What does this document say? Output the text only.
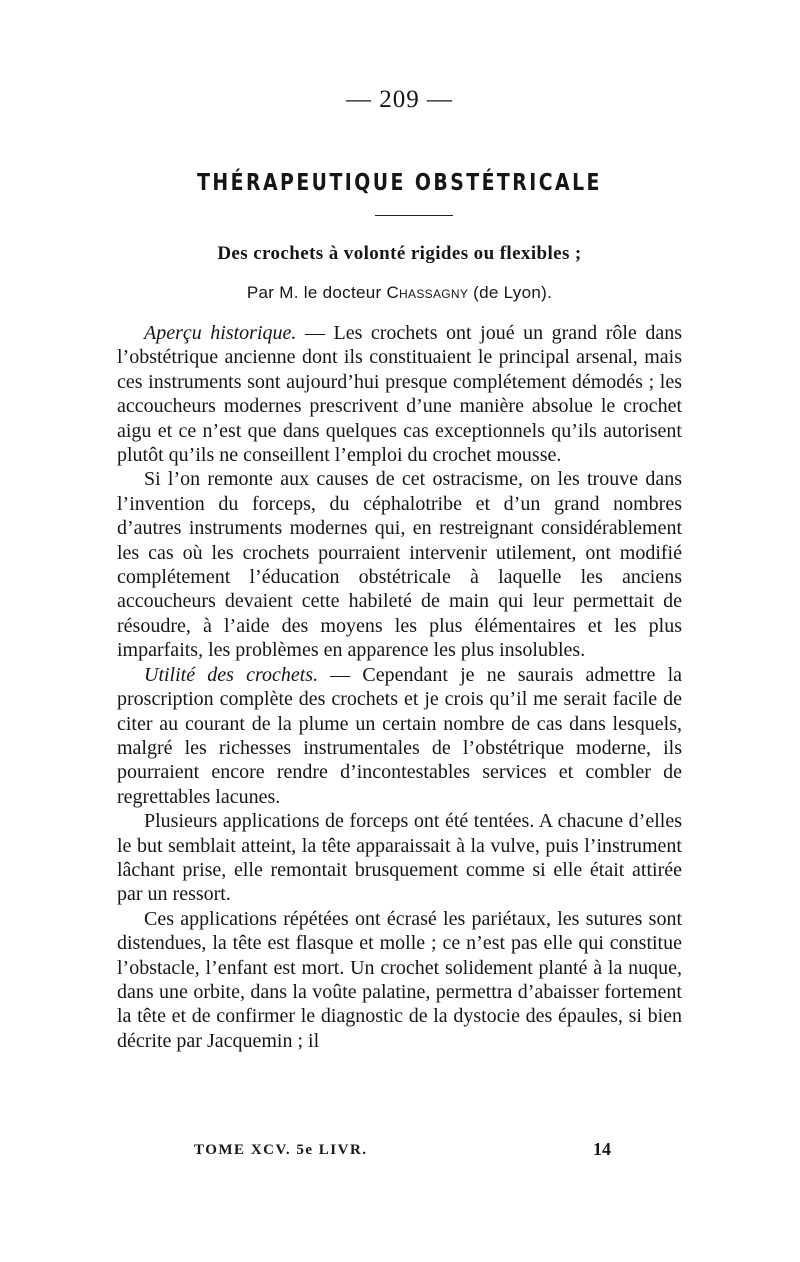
— 209 —
THÉRAPEUTIQUE OBSTÉTRICALE
Des crochets à volonté rigides ou flexibles ;
Par M. le docteur Chassagny (de Lyon).

Aperçu historique. — Les crochets ont joué un grand rôle dans l’obstétrique ancienne dont ils constituaient le principal arsenal, mais ces instruments sont aujourd’hui presque complétement démodés ; les accoucheurs modernes prescrivent d’une manière absolue le crochet aigu et ce n’est que dans quelques cas exceptionnels qu’ils autorisent plutôt qu’ils ne conseillent l’emploi du crochet mousse.

Si l’on remonte aux causes de cet ostracisme, on les trouve dans l’invention du forceps, du céphalotribe et d’un grand nombres d’autres instruments modernes qui, en restreignant considérablement les cas où les crochets pourraient intervenir utilement, ont modifié complétement l’éducation obstétricale à laquelle les anciens accoucheurs devaient cette habileté de main qui leur permettait de résoudre, à l’aide des moyens les plus élémentaires et les plus imparfaits, les problèmes en apparence les plus insolubles.

Utilité des crochets. — Cependant je ne saurais admettre la proscription complète des crochets et je crois qu’il me serait facile de citer au courant de la plume un certain nombre de cas dans lesquels, malgré les richesses instrumentales de l’obstétrique moderne, ils pourraient encore rendre d’incontestables services et combler de regrettables lacunes.

Plusieurs applications de forceps ont été tentées. A chacune d’elles le but semblait atteint, la tête apparaissait à la vulve, puis l’instrument lâchant prise, elle remontait brusquement comme si elle était attirée par un ressort.

Ces applications répétées ont écrasé les pariétaux, les sutures sont distendues, la tête est flasque et molle ; ce n’est pas elle qui constitue l’obstacle, l’enfant est mort. Un crochet solidement planté à la nuque, dans une orbite, dans la voûte palatine, permettra d’abaisser fortement la tête et de confirmer le diagnostic de la dystocie des épaules, si bien décrite par Jacquemin ; il

TOME XCV. 5e LIVR.	14
